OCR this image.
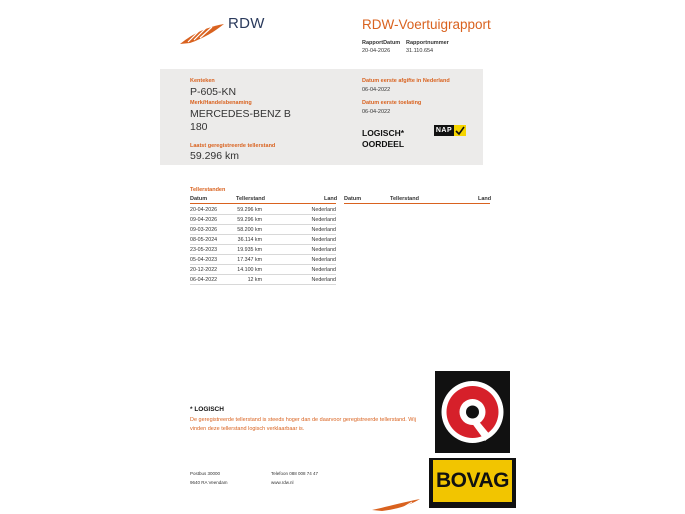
RDW	RDW-Voertuigrapport
RapportDatum
20-04-2026
Rapportnummer
31.110.654
Kenteken
P-605-KN
Merk/Handelsbenaming
MERCEDES-BENZ B
180
Laatst geregistreerde tellerstand
59.296 km
Datum eerste afgifte in Nederland
06-04-2022
Datum eerste toelating
06-04-2022
LOGISCH*
OORDEEL
NAP
Tellerstanden
Datum	Tellerstand	Land Datum	Tellerstand	Land
20-04-2026	59.296 km	Nederland
09-04-2026	59.296 km	Nederland
09-03-2026	58.200 km	Nederland
08-05-2024	36.114 km	Nederland
23-05-2023	19.935 km	Nederland
05-04-2023	17.347 km	Nederland
20-12-2022	14.100 km	Nederland
06-04-2022	12 km	Nederland
* LOGISCH
De geregistreerde tellerstand is steeds hoger dan de daarvoor geregistreerde tellerstand. Wij vinden deze tellerstand logisch verklaarbaar is.
Postbus 30000
9640 RA Veendam
Telefoon 088 008 74 47
www.rdw.nl	BOVAG
